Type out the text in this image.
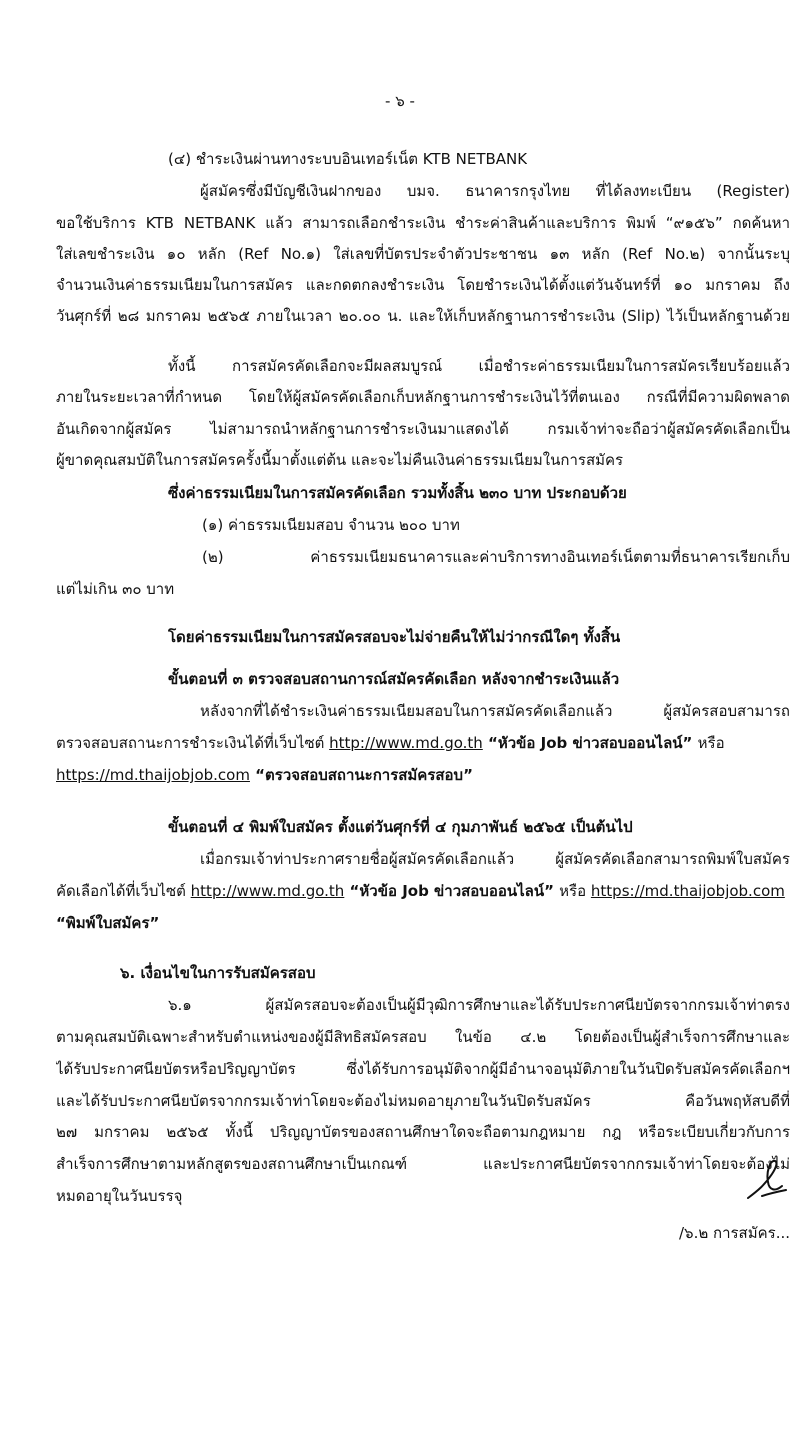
- ๖ -
(๔) ชำระเงินผ่านทางระบบอินเทอร์เน็ต KTB NETBANK
ผู้สมัครซึ่งมีบัญชีเงินฝากของ บมจ. ธนาคารกรุงไทย ที่ได้ลงทะเบียน (Register)
ขอใช้บริการ KTB NETBANK แล้ว สามารถเลือกชำระเงิน ชำระค่าสินค้าและบริการ พิมพ์ “๙๑๕๖” กดค้นหา
ใส่เลขชำระเงิน ๑๐ หลัก (Ref No.๑) ใส่เลขที่บัตรประจำตัวประชาชน ๑๓ หลัก (Ref No.๒) จากนั้นระบุ
จำนวนเงินค่าธรรมเนียมในการสมัคร และกดตกลงชำระเงิน โดยชำระเงินได้ตั้งแต่วันจันทร์ที่ ๑๐ มกราคม ถึง
วันศุกร์ที่ ๒๘ มกราคม ๒๕๖๕ ภายในเวลา ๒๐.๐๐ น. และให้เก็บหลักฐานการชำระเงิน (Slip) ไว้เป็นหลักฐานด้วย
ทั้งนี้ การสมัครคัดเลือกจะมีผลสมบูรณ์ เมื่อชำระค่าธรรมเนียมในการสมัครเรียบร้อยแล้ว
ภายในระยะเวลาที่กำหนด โดยให้ผู้สมัครคัดเลือกเก็บหลักฐานการชำระเงินไว้ที่ตนเอง กรณีที่มีความผิดพลาด
อันเกิดจากผู้สมัคร ไม่สามารถนำหลักฐานการชำระเงินมาแสดงได้ กรมเจ้าท่าจะถือว่าผู้สมัครคัดเลือกเป็น
ผู้ขาดคุณสมบัติในการสมัครครั้งนี้มาตั้งแต่ต้น และจะไม่คืนเงินค่าธรรมเนียมในการสมัคร
ซึ่งค่าธรรมเนียมในการสมัครคัดเลือก รวมทั้งสิ้น ๒๓๐ บาท ประกอบด้วย
(๑) ค่าธรรมเนียมสอบ จำนวน ๒๐๐ บาท
(๒) ค่าธรรมเนียมธนาคารและค่าบริการทางอินเทอร์เน็ตตามที่ธนาคารเรียกเก็บ
แต่ไม่เกิน ๓๐ บาท
โดยค่าธรรมเนียมในการสมัครสอบจะไม่จ่ายคืนให้ไม่ว่ากรณีใดๆ ทั้งสิ้น
ขั้นตอนที่ ๓ ตรวจสอบสถานการณ์สมัครคัดเลือก หลังจากชำระเงินแล้ว
หลังจากที่ได้ชำระเงินค่าธรรมเนียมสอบในการสมัครคัดเลือกแล้ว ผู้สมัครสอบสามารถ
ตรวจสอบสถานะการชำระเงินได้ที่เว็บไซต์ http://www.md.go.th “หัวข้อ Job ข่าวสอบออนไลน์” หรือ
https://md.thaijobjob.com “ตรวจสอบสถานะการสมัครสอบ”
ขั้นตอนที่ ๔ พิมพ์ใบสมัคร ตั้งแต่วันศุกร์ที่ ๔ กุมภาพันธ์ ๒๕๖๕ เป็นต้นไป
เมื่อกรมเจ้าท่าประกาศรายชื่อผู้สมัครคัดเลือกแล้ว ผู้สมัครคัดเลือกสามารถพิมพ์ใบสมัคร
คัดเลือกได้ที่เว็บไซต์ http://www.md.go.th “หัวข้อ Job ข่าวสอบออนไลน์” หรือ https://md.thaijobjob.com
“พิมพ์ใบสมัคร”
๖. เงื่อนไขในการรับสมัครสอบ
๖.๑ ผู้สมัครสอบจะต้องเป็นผู้มีวุฒิการศึกษาและได้รับประกาศนียบัตรจากกรมเจ้าท่าตรง
ตามคุณสมบัติเฉพาะสำหรับตำแหน่งของผู้มีสิทธิสมัครสอบ ในข้อ ๔.๒ โดยต้องเป็นผู้สำเร็จการศึกษาและ
ได้รับประกาศนียบัตรหรือปริญญาบัตร ซึ่งได้รับการอนุมัติจากผู้มีอำนาจอนุมัติภายในวันปิดรับสมัครคัดเลือกฯ
และได้รับประกาศนียบัตรจากกรมเจ้าท่าโดยจะต้องไม่หมดอายุภายในวันปิดรับสมัคร คือวันพฤหัสบดีที่
๒๗ มกราคม ๒๕๖๕ ทั้งนี้ ปริญญาบัตรของสถานศึกษาใดจะถือตามกฎหมาย กฎ หรือระเบียบเกี่ยวกับการ
สำเร็จการศึกษาตามหลักสูตรของสถานศึกษาเป็นเกณฑ์ และประกาศนียบัตรจากกรมเจ้าท่าโดยจะต้องไม่
หมดอายุในวันบรรจุ
/๖.๒ การสมัคร...
